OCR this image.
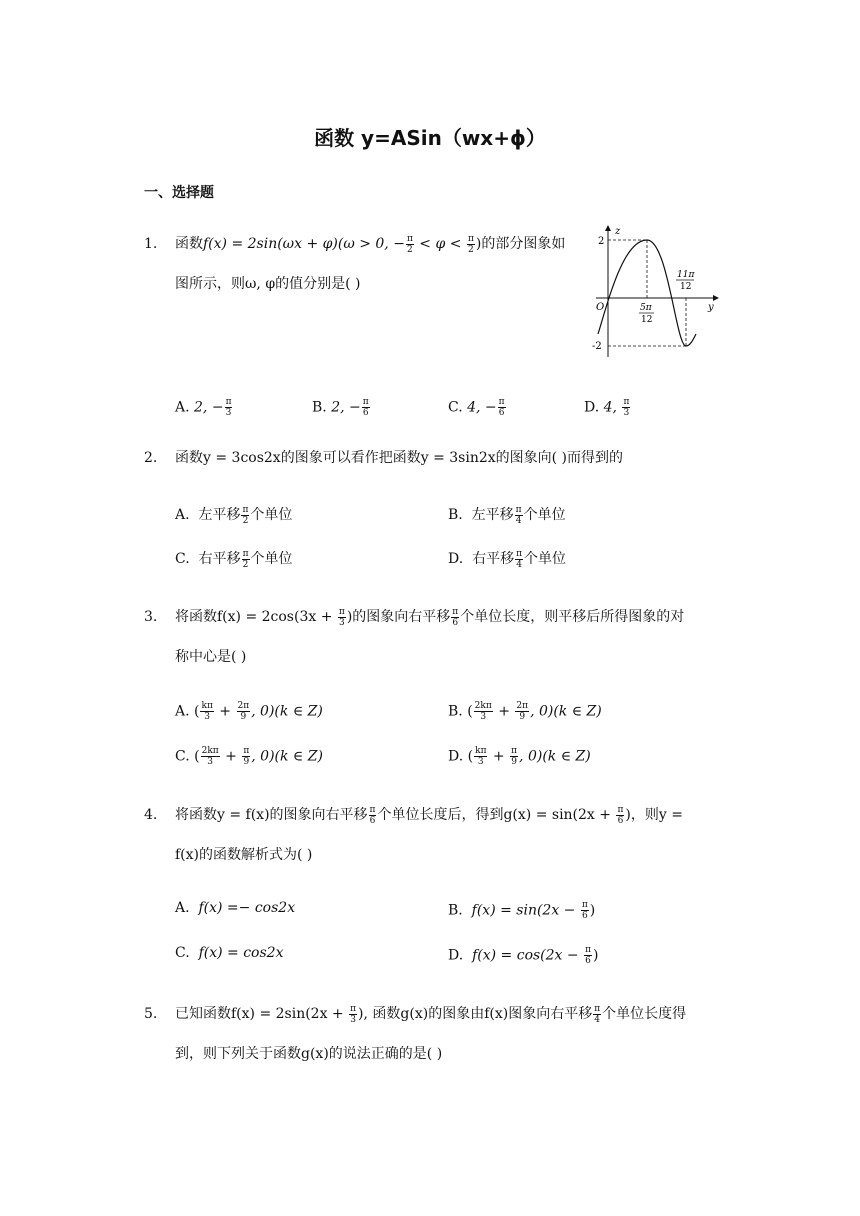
函数 y=ASin（wx+ϕ）
一、选择题
1. 函数f(x) = 2sin(ωx + φ)(ω > 0, − $\frac{\pi}{2} < \varphi < \frac{\pi}{2}$ )的部分图象如
图所示，则ω, φ的值分别是( )
z
y
O
2
-2
5π
12
11π
12
A. 2, − $\frac{\pi}{3}$	B. 2, − $\frac{\pi}{6}$	C. 4, − $\frac{\pi}{6}$	D. 4, $\frac{\pi}{3}$
2. 函数y = 3cos2x的图象可以看作把函数y = 3sin2x的图象向( )而得到的
A. 左平移 $\frac{\pi}{2}$ 个单位	B. 左平移 $\frac{\pi}{4}$ 个单位
C. 右平移 $\frac{\pi}{2}$ 个单位	D. 右平移 $\frac{\pi}{4}$ 个单位
3. 将函数$f(x) = 2\cos(3x + \frac{\pi}{3}$ )的图象向右平移 $\frac{\pi}{6}$ 个单位长度，则平移后所得图象的对
称中心是( )
A. ( $\frac{k\pi}{3} + \frac{2\pi}{9}$ , 0)(k ∈ Z)	B. ( $\frac{2k\pi}{3} + \frac{2\pi}{9}$ , 0)(k ∈ Z)
C. ( $\frac{2k\pi}{3} + \frac{\pi}{9}$ , 0)(k ∈ Z)	D. ( $\frac{k\pi}{3} + \frac{\pi}{9}$ , 0)(k ∈ Z)
4. 将函数y = f(x)的图象向右平移 $\frac{\pi}{6}$ 个单位长度后，得到$g(x) = \sin(2x + \frac{\pi}{6}$ )，则y =
f(x)的函数解析式为( )
A. f(x) =− cos2x	B. $f(x) = \sin(2x - \frac{\pi}{6}$ )
C. f(x) = cos2x	D. $f(x) = \cos(2x - \frac{\pi}{6}$ )
5. 已知函数$f(x) = 2\sin(2x + \frac{\pi}{3}$ ), 函数g(x)的图象由f(x)图象向右平移 $\frac{\pi}{4}$ 个单位长度得
到，则下列关于函数g(x)的说法正确的是( )
